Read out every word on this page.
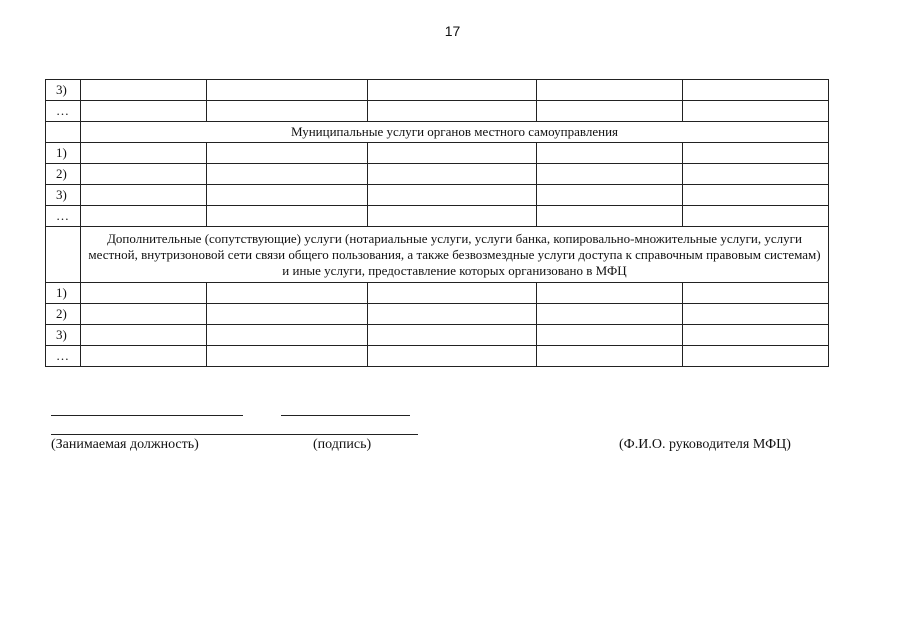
17
3)					
…					
	Муниципальные услуги органов местного самоуправления				
1)					
2)					
3)					
…					
	Дополнительные (сопутствующие) услуги (нотариальные услуги, услуги банка, копировально-множительные услуги, услуги местной, внутризоновой сети связи общего пользования, а также безвозмездные услуги доступа к справочным правовым системам) и иные услуги, предоставление которых организовано в МФЦ				
1)					
2)					
3)					
…					
(Занимаемая должность)	(подпись)	(Ф.И.О. руководителя МФЦ)
